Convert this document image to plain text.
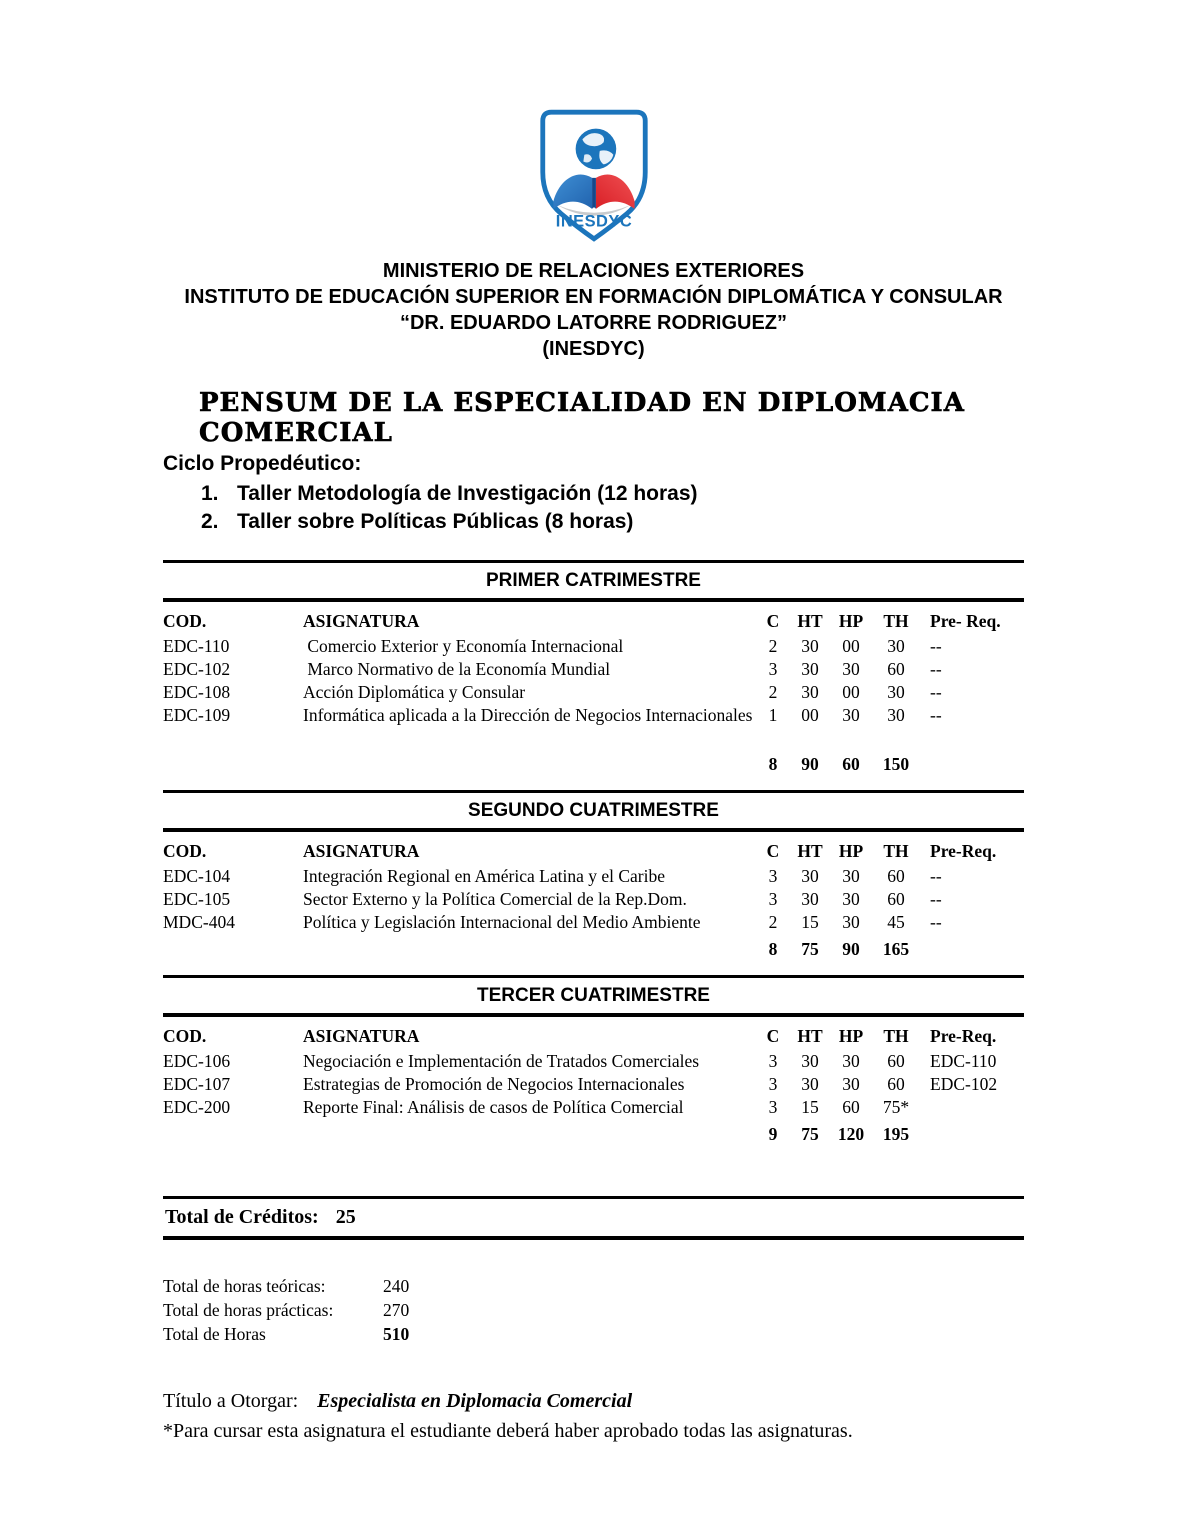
INESDYC
MINISTERIO DE RELACIONES EXTERIORES
INSTITUTO DE EDUCACIÓN SUPERIOR EN FORMACIÓN DIPLOMÁTICA Y CONSULAR
“DR. EDUARDO LATORRE RODRIGUEZ”
(INESDYC)
PENSUM DE LA ESPECIALIDAD EN DIPLOMACIA COMERCIAL
Ciclo Propedéutico:
1. Taller Metodología de Investigación (12 horas)
2. Taller sobre Políticas Públicas (8 horas)
PRIMER CATRIMESTRE
COD.	ASIGNATURA	C	HT	HP	TH	Pre- Req.
EDC-110	Comercio Exterior y Economía Internacional	2	30	00	30	--
EDC-102	Marco Normativo de la Economía Mundial	3	30	30	60	--
EDC-108	Acción Diplomática y Consular	2	30	00	30	--
EDC-109	Informática aplicada a la Dirección de Negocios Internacionales	1	00	30	30	--
		8	90	60	150	
SEGUNDO CUATRIMESTRE
COD.	ASIGNATURA	C	HT	HP	TH	Pre-Req.
EDC-104	Integración Regional en América Latina y el Caribe	3	30	30	60	--
EDC-105	Sector Externo y la Política Comercial de la Rep.Dom.	3	30	30	60	--
MDC-404	Política y Legislación Internacional del Medio Ambiente	2	15	30	45	--
		8	75	90	165	
TERCER CUATRIMESTRE
COD.	ASIGNATURA	C	HT	HP	TH	Pre-Req.
EDC-106	Negociación e Implementación de Tratados Comerciales	3	30	30	60	EDC-110
EDC-107	Estrategias de Promoción de Negocios Internacionales	3	30	30	60	EDC-102
EDC-200	Reporte Final: Análisis de casos de Política Comercial	3	15	60	75*	
		9	75	120	195	
Total de Créditos: 25
Total de horas teóricas:	240
Total de horas prácticas:	270
Total de Horas	510
Título a Otorgar: Especialista en Diplomacia Comercial
*Para cursar esta asignatura el estudiante deberá haber aprobado todas las asignaturas.
